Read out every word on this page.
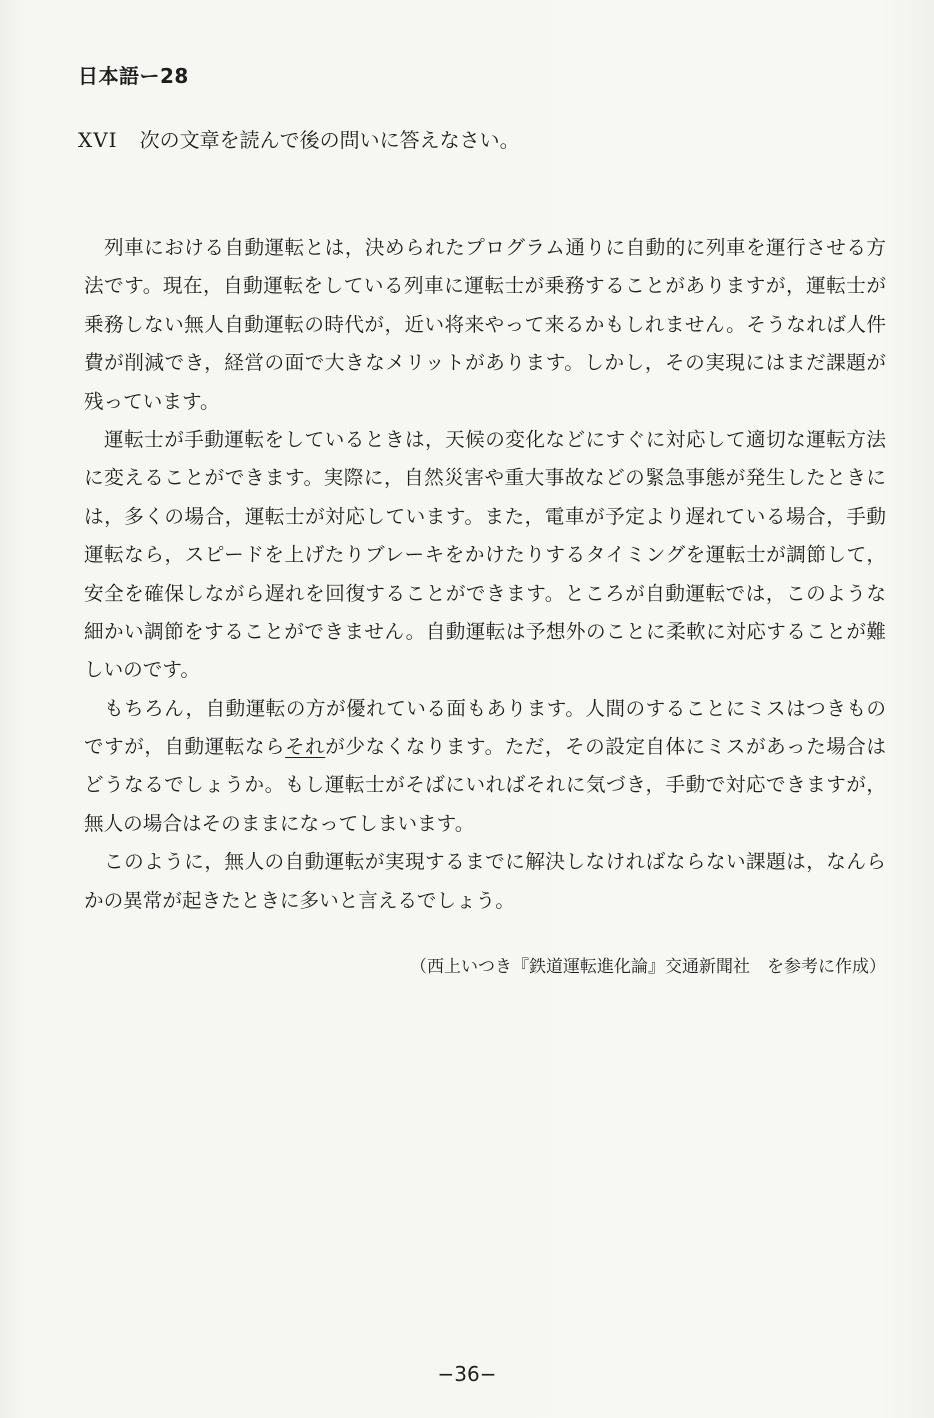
日本語ー28
XVI 次の文章を読んで後の問いに答えなさい。
列車における自動運転とは，決められたプログラム通りに自動的に列車を運行させる方
法です。現在，自動運転をしている列車に運転士が乗務することがありますが，運転士が
乗務しない無人自動運転の時代が，近い将来やって来るかもしれません。そうなれば人件
費が削減でき，経営の面で大きなメリットがあります。しかし，その実現にはまだ課題が
残っています。
運転士が手動運転をしているときは，天候の変化などにすぐに対応して適切な運転方法
に変えることができます。実際に，自然災害や重大事故などの緊急事態が発生したときに
は，多くの場合，運転士が対応しています。また，電車が予定より遅れている場合，手動
運転なら，スピードを上げたりブレーキをかけたりするタイミングを運転士が調節して，
安全を確保しながら遅れを回復することができます。ところが自動運転では，このような
細かい調節をすることができません。自動運転は予想外のことに柔軟に対応することが難
しいのです。
もちろん，自動運転の方が優れている面もあります。人間のすることにミスはつきもの
ですが，自動運転ならそれが少なくなります。ただ，その設定自体にミスがあった場合は
どうなるでしょうか。もし運転士がそばにいればそれに気づき，手動で対応できますが，
無人の場合はそのままになってしまいます。
このように，無人の自動運転が実現するまでに解決しなければならない課題は，なんら
かの異常が起きたときに多いと言えるでしょう。
（西上いつき『鉄道運転進化論』交通新聞社　を参考に作成）
−36−
